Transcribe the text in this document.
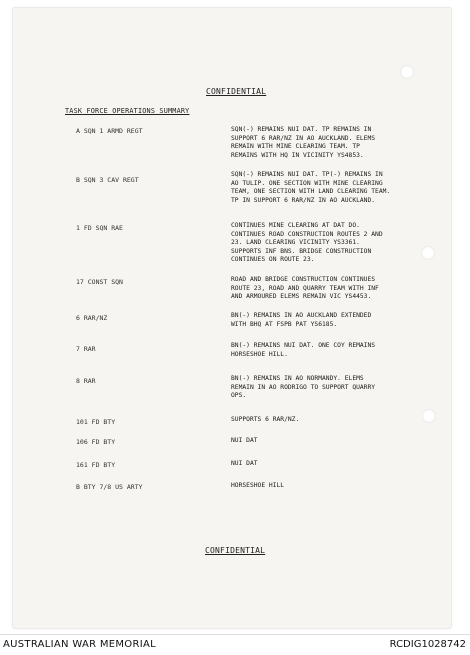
CONFIDENTIAL
TASK FORCE OPERATIONS SUMMARY
A SQN 1 ARMD REGT	SQN(-) REMAINS NUI DAT. TP REMAINS IN
SUPPORT 6 RAR/NZ IN AO AUCKLAND. ELEMS
REMAIN WITH MINE CLEARING TEAM. TP
REMAINS WITH HQ IN VICINITY YS4853.
B SQN 3 CAV REGT
SQN(-) REMAINS NUI DAT. TP(-) REMAINS IN
AO TULIP. ONE SECTION WITH MINE CLEARING
TEAM, ONE SECTION WITH LAND CLEARING TEAM.
TP IN SUPPORT 6 RAR/NZ IN AO AUCKLAND.
1 FD SQN RAE	CONTINUES MINE CLEARING AT DAT DO.
CONTINUES ROAD CONSTRUCTION ROUTES 2 AND
23. LAND CLEARING VICINITY YS3361.
SUPPORTS INF BNS. BRIDGE CONSTRUCTION
CONTINUES ON ROUTE 23.
17 CONST SQN	ROAD AND BRIDGE CONSTRUCTION CONTINUES
ROUTE 23, ROAD AND QUARRY TEAM WITH INF
AND ARMOURED ELEMS REMAIN VIC YS4453.
6 RAR/NZ	BN(-) REMAINS IN AO AUCKLAND EXTENDED
WITH BHQ AT FSPB PAT YS6185.
7 RAR	BN(-) REMAINS NUI DAT. ONE COY REMAINS
HORSESHOE HILL.
8 RAR	BN(-) REMAINS IN AO NORMANDY. ELEMS
REMAIN IN AO RODRIGO TO SUPPORT QUARRY
OPS.
101 FD BTY	SUPPORTS 6 RAR/NZ.
106 FD BTY	NUI DAT
161 FD BTY	NUI DAT
B BTY 7/8 US ARTY	HORSESHOE HILL
CONFIDENTIAL
AUSTRALIAN WAR MEMORIAL	RCDIG1028742
